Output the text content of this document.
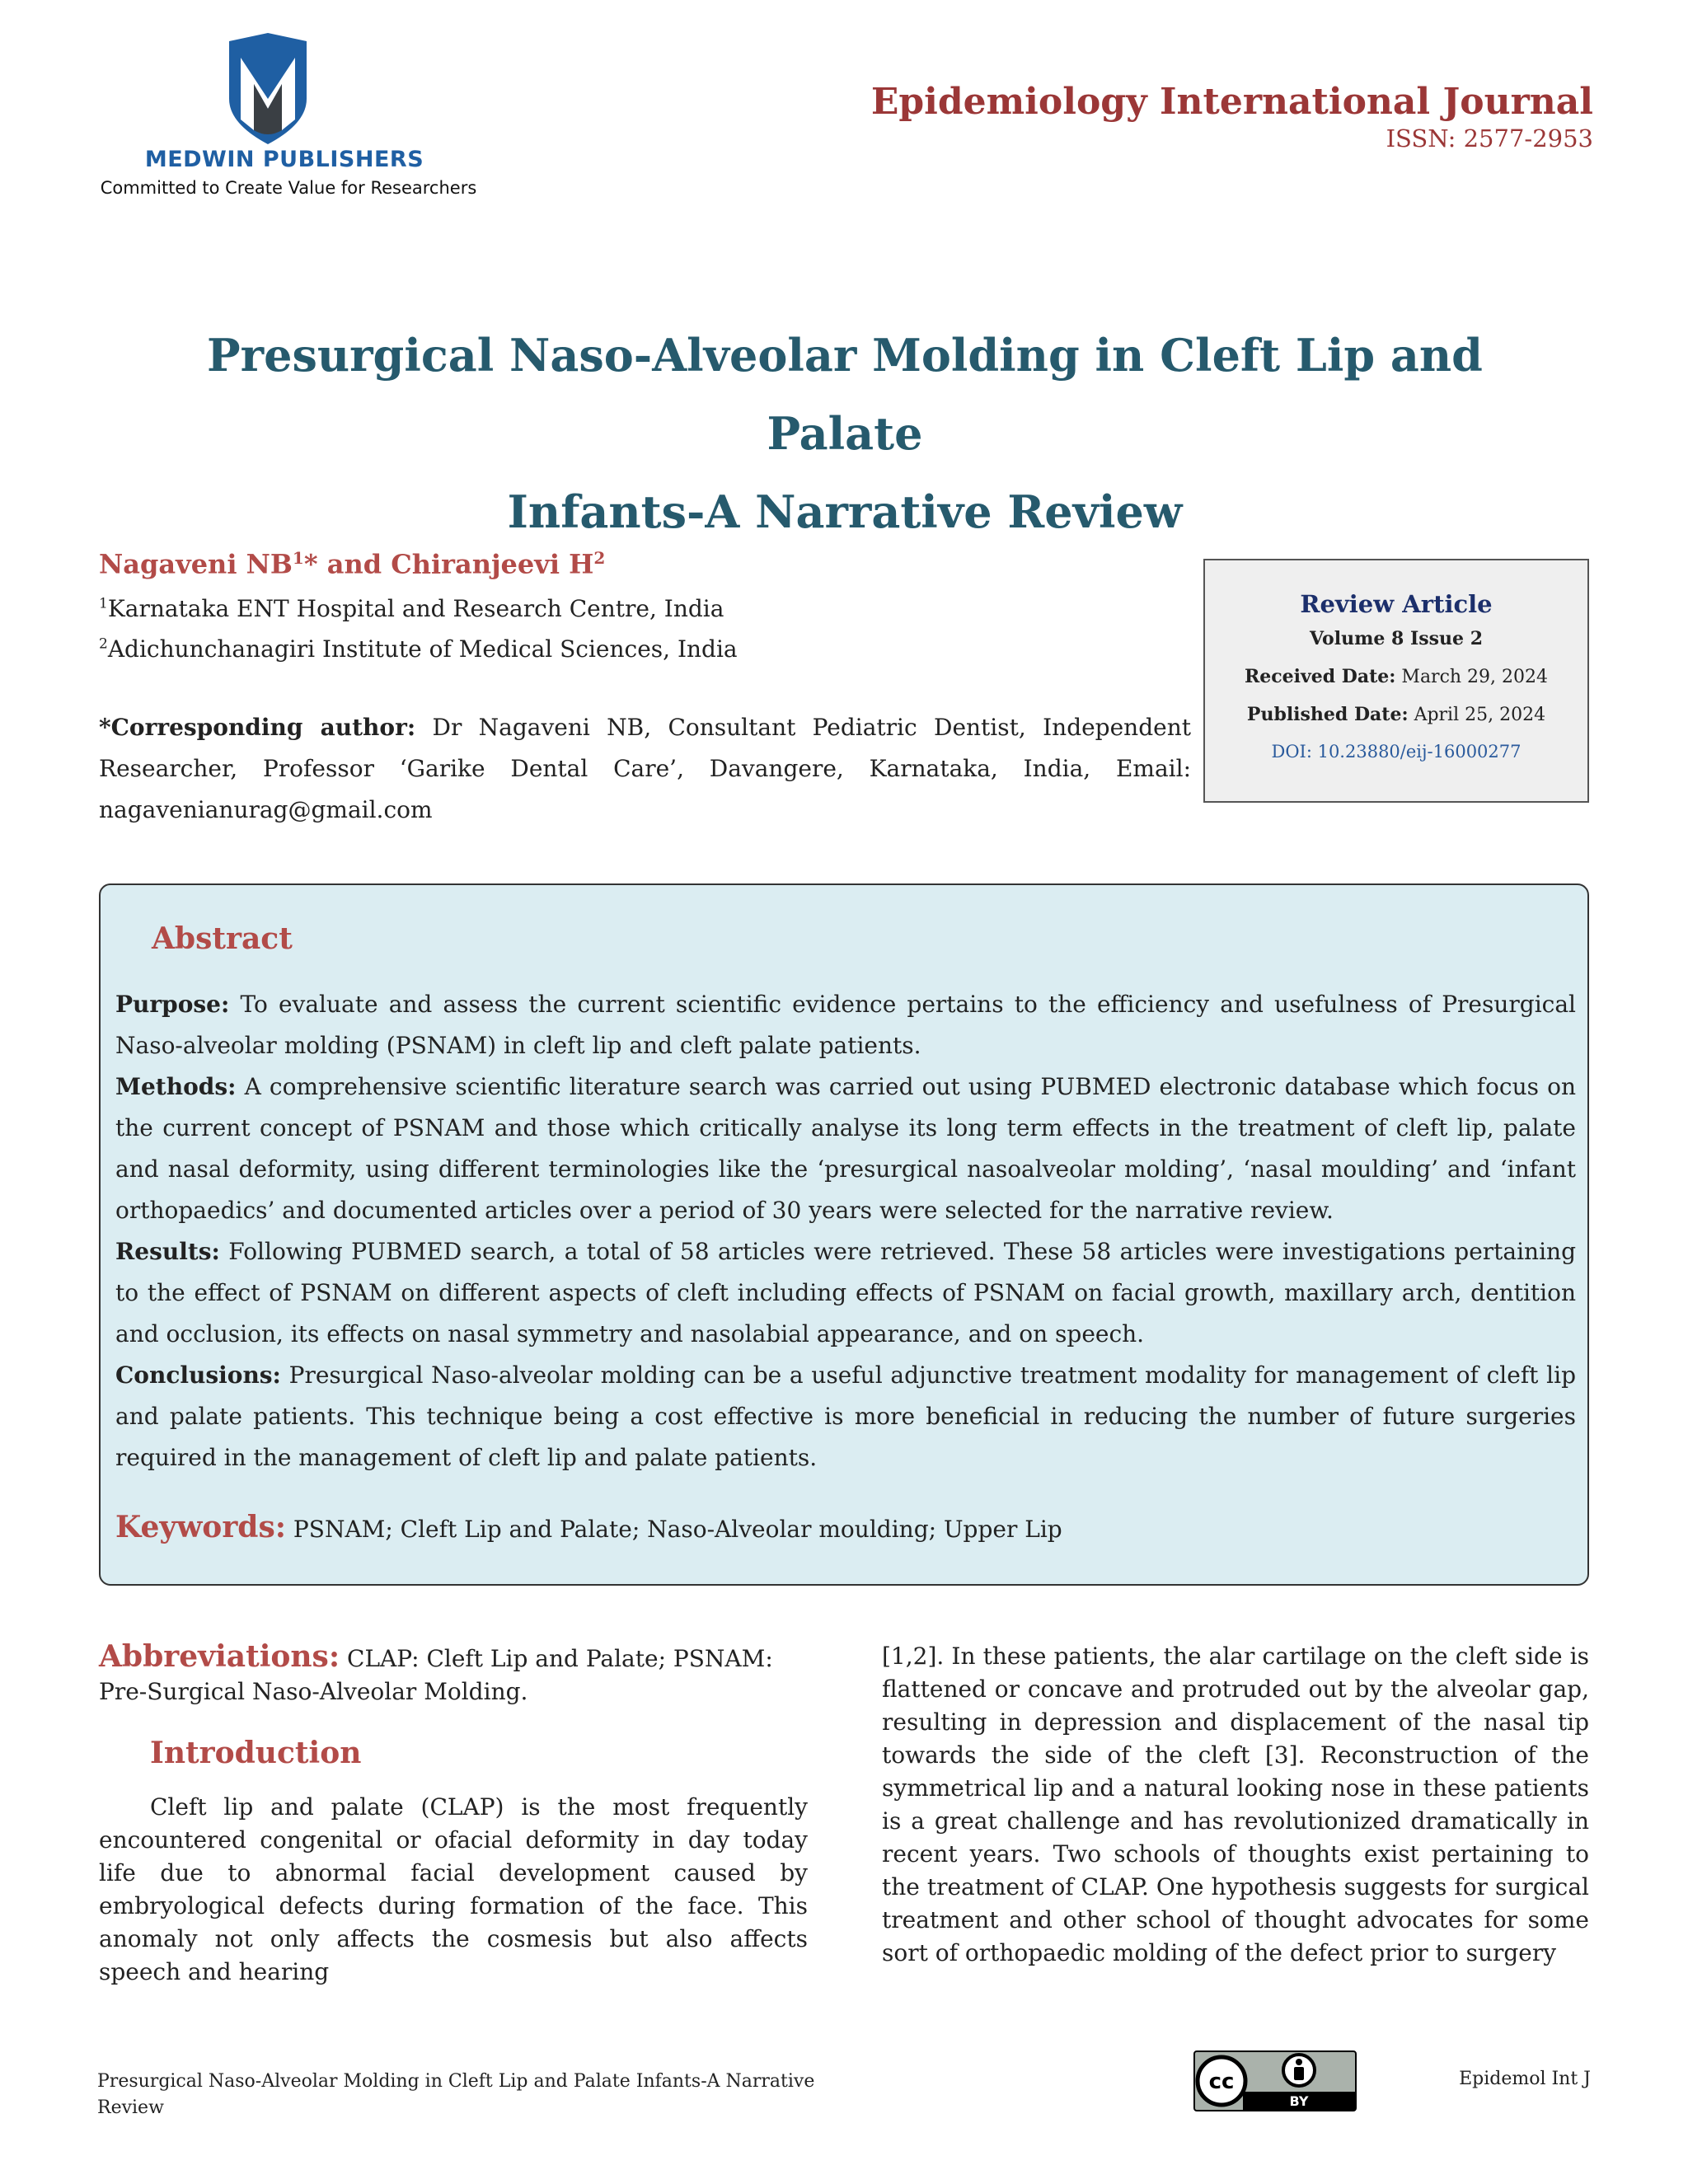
MEDWIN PUBLISHERS
Committed to Create Value for Researchers
Epidemiology International Journal
ISSN: 2577-2953
Presurgical Naso-Alveolar Molding in Cleft Lip and Palate
Infants-A Narrative Review
Nagaveni $NB^1*$ and Chiranjeevi $H^2$
$^1$Karnataka ENT Hospital and Research Centre, India
$^2$Adichunchanagiri Institute of Medical Sciences, India
*Corresponding author: Dr Nagaveni NB, Consultant Pediatric Dentist, Independent Researcher, Professor ‘Garike Dental Care’, Davangere, Karnataka, India, Email: nagavenianurag@gmail.com
Review Article
Volume 8 Issue 2
Received Date: March 29, 2024
Published Date: April 25, 2024
DOI: 10.23880/eij-16000277
Abstract
Purpose: To evaluate and assess the current scientific evidence pertains to the efficiency and usefulness of Presurgical Naso-alveolar molding (PSNAM) in cleft lip and cleft palate patients.
Methods: A comprehensive scientific literature search was carried out using PUBMED electronic database which focus on the current concept of PSNAM and those which critically analyse its long term effects in the treatment of cleft lip, palate and nasal deformity, using different terminologies like the ‘presurgical nasoalveolar molding’, ‘nasal moulding’ and ‘infant orthopaedics’ and documented articles over a period of 30 years were selected for the narrative review.
Results: Following PUBMED search, a total of 58 articles were retrieved. These 58 articles were investigations pertaining to the effect of PSNAM on different aspects of cleft including effects of PSNAM on facial growth, maxillary arch, dentition and occlusion, its effects on nasal symmetry and nasolabial appearance, and on speech.
Conclusions: Presurgical Naso-alveolar molding can be a useful adjunctive treatment modality for management of cleft lip and palate patients. This technique being a cost effective is more beneficial in reducing the number of future surgeries required in the management of cleft lip and palate patients.
Keywords: PSNAM; Cleft Lip and Palate; Naso-Alveolar moulding; Upper Lip
Abbreviations: CLAP: Cleft Lip and Palate; PSNAM: Pre-Surgical Naso-Alveolar Molding.
Introduction
Cleft lip and palate (CLAP) is the most frequently encountered congenital or ofacial deformity in day today life due to abnormal facial development caused by embryological defects during formation of the face. This anomaly not only affects the cosmesis but also affects speech and hearing
[1,2]. In these patients, the alar cartilage on the cleft side is flattened or concave and protruded out by the alveolar gap, resulting in depression and displacement of the nasal tip towards the side of the cleft [3]. Reconstruction of the symmetrical lip and a natural looking nose in these patients is a great challenge and has revolutionized dramatically in recent years. Two schools of thoughts exist pertaining to the treatment of CLAP. One hypothesis suggests for surgical treatment and other school of thought advocates for some sort of orthopaedic molding of the defect prior to surgery
Presurgical Naso-Alveolar Molding in Cleft Lip and Palate Infants-A Narrative Review
cc
BY
Epidemol Int J
